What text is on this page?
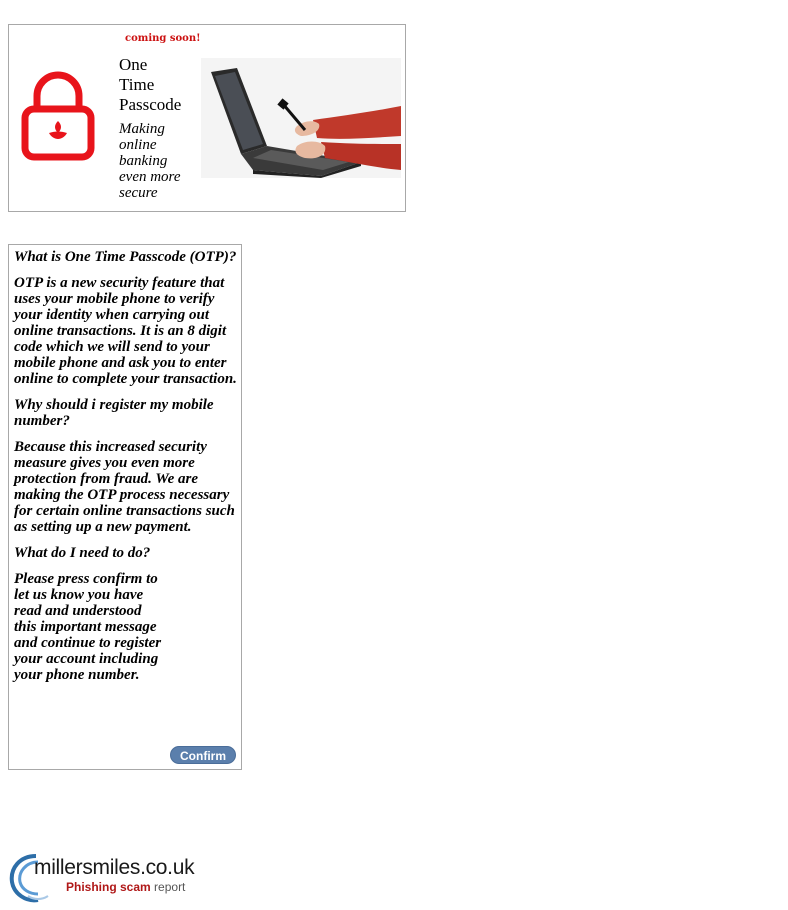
coming soon!
One
Time
Passcode
Making
online
banking
even more
secure

What is One Time Passcode (OTP)?

OTP is a new security feature that uses your mobile phone to verify your identity when carrying out online transactions. It is an 8 digit code which we will send to your mobile phone and ask you to enter online to complete your transaction.

Why should i register my mobile number?

Because this increased security measure gives you even more protection from fraud. We are making the OTP process necessary for certain online transactions such as setting up a new payment.

What do I need to do?

Please press confirm to let us know you have read and understood this important message and continue to register your account including your phone number.

Confirm
millersmiles.co.uk
Phishing scam report
